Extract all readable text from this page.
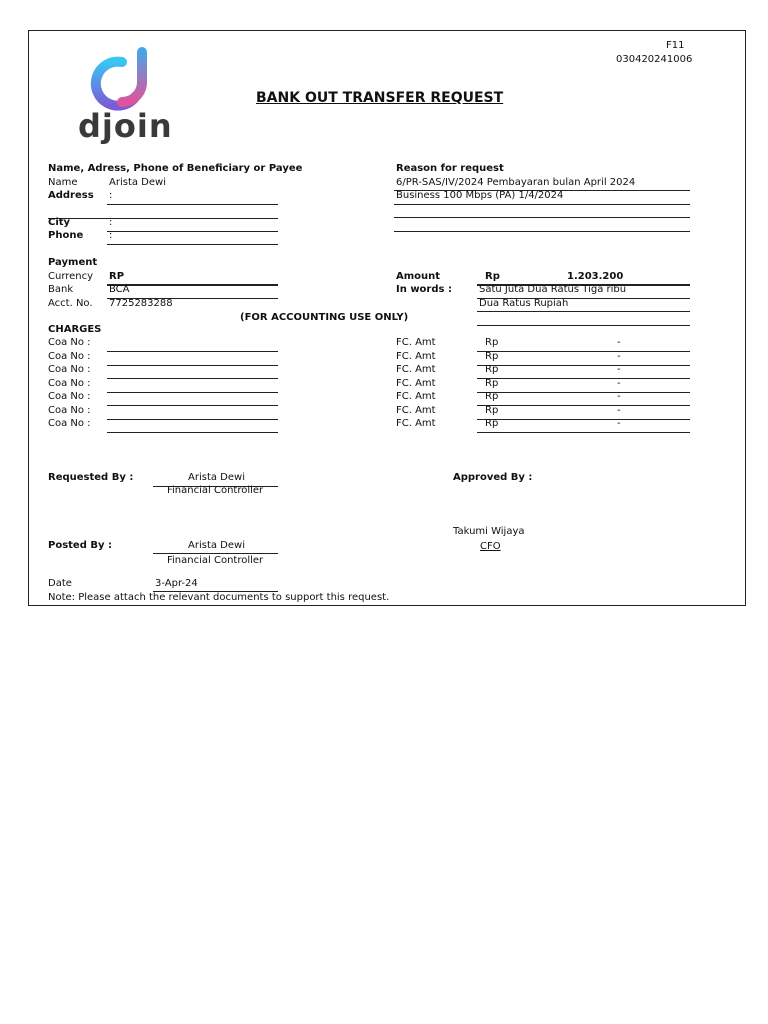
djoin
F11
030420241006
BANK OUT TRANSFER REQUEST
Name, Adress, Phone of Beneficiary or Payee
Name	Arista Dewi
Address :
City	:
Phone	:
Reason for request
6/PR-SAS/IV/2024 Pembayaran bulan April 2024
Business 100 Mbps (PA) 1/4/2024
Payment
Currency RP
Bank	BCA
Acct. No. 7725283288
Amount	Rp	1.203.200
In words :	Satu Juta Dua Ratus Tiga ribu
Dua Ratus Rupiah
(FOR ACCOUNTING USE ONLY)
CHARGES
Coa No :	FC. Amt	Rp	-
Coa No :	FC. Amt	Rp	-
Coa No :	FC. Amt	Rp	-
Coa No :	FC. Amt	Rp	-
Coa No :	FC. Amt	Rp	-
Coa No :	FC. Amt	Rp	-
Coa No :	FC. Amt	Rp	-
Requested By :	Arista Dewi
Financial Controller
Approved By :
Takumi Wijaya
CFO
Posted By :	Arista Dewi
Financial Controller
Date	3-Apr-24
Note: Please attach the relevant documents to support this request.
